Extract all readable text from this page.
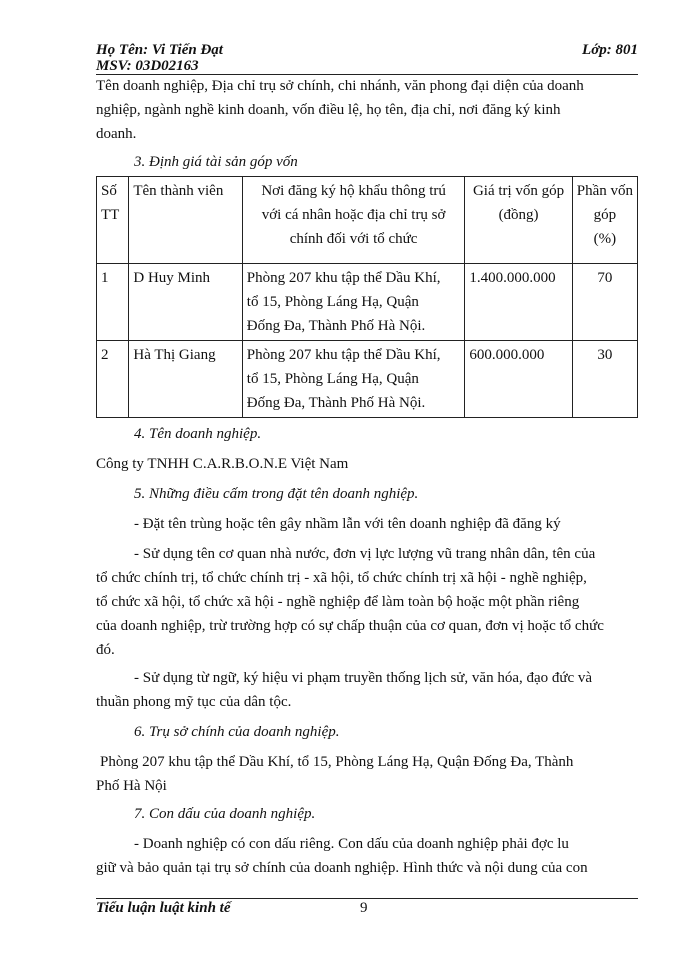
Họ Tên: Vi Tiến Đạt	Lớp: 801
MSV: 03D02163
Tên doanh nghiệp, Địa chỉ trụ sở chính, chi nhánh, văn phong đại diện của doanh
nghiệp, ngành nghề kinh doanh, vốn điều lệ, họ tên, địa chỉ, nơi đăng ký kinh
doanh.
3. Định giá tài sản góp vốn
Số
TT	Tên thành viên	Nơi đăng ký hộ khẩu thông trú
với cá nhân hoặc địa chỉ trụ sở
chính đối với tổ chức	Giá trị vốn góp
(đồng)	Phần vốn
góp
(%)

1	D Huy Minh	Phòng 207 khu tập thể Dầu Khí,
tổ 15, Phòng Láng Hạ, Quận
Đống Đa, Thành Phố Hà Nội.	1.400.000.000	70
2	Hà Thị Giang	Phòng 207 khu tập thể Dầu Khí,
tổ 15, Phòng Láng Hạ, Quận
Đống Đa, Thành Phố Hà Nội.	600.000.000	30
4. Tên doanh nghiệp.
Công ty TNHH C.A.R.B.O.N.E Việt Nam
5. Những điều cấm trong đặt tên doanh nghiệp.
- Đặt tên trùng hoặc tên gây nhầm lẫn với tên doanh nghiệp đã đăng ký
- Sử dụng tên cơ quan nhà nước, đơn vị lực lượng vũ trang nhân dân, tên của
tổ chức chính trị, tổ chức chính trị - xã hội, tổ chức chính trị xã hội - nghề nghiệp,
tổ chức xã hội, tổ chức xã hội - nghề nghiệp để làm toàn bộ hoặc một phần riêng
của doanh nghiệp, trừ trường hợp có sự chấp thuận của cơ quan, đơn vị hoặc tổ chức
đó.
- Sử dụng từ ngữ, ký hiệu vi phạm truyền thống lịch sử, văn hóa, đạo đức và
thuần phong mỹ tục của dân tộc.
6. Trụ sở chính của doanh nghiệp.
Phòng 207 khu tập thể Dầu Khí, tổ 15, Phòng Láng Hạ, Quận Đống Đa, Thành
Phố Hà Nội
7. Con dấu của doanh nghiệp.
- Doanh nghiệp có con dấu riêng. Con dấu của doanh nghiệp phải đợc lu
giữ và bảo quản tại trụ sở chính của doanh nghiệp. Hình thức và nội dung của con
Tiểu luận luật kinh tế	9
